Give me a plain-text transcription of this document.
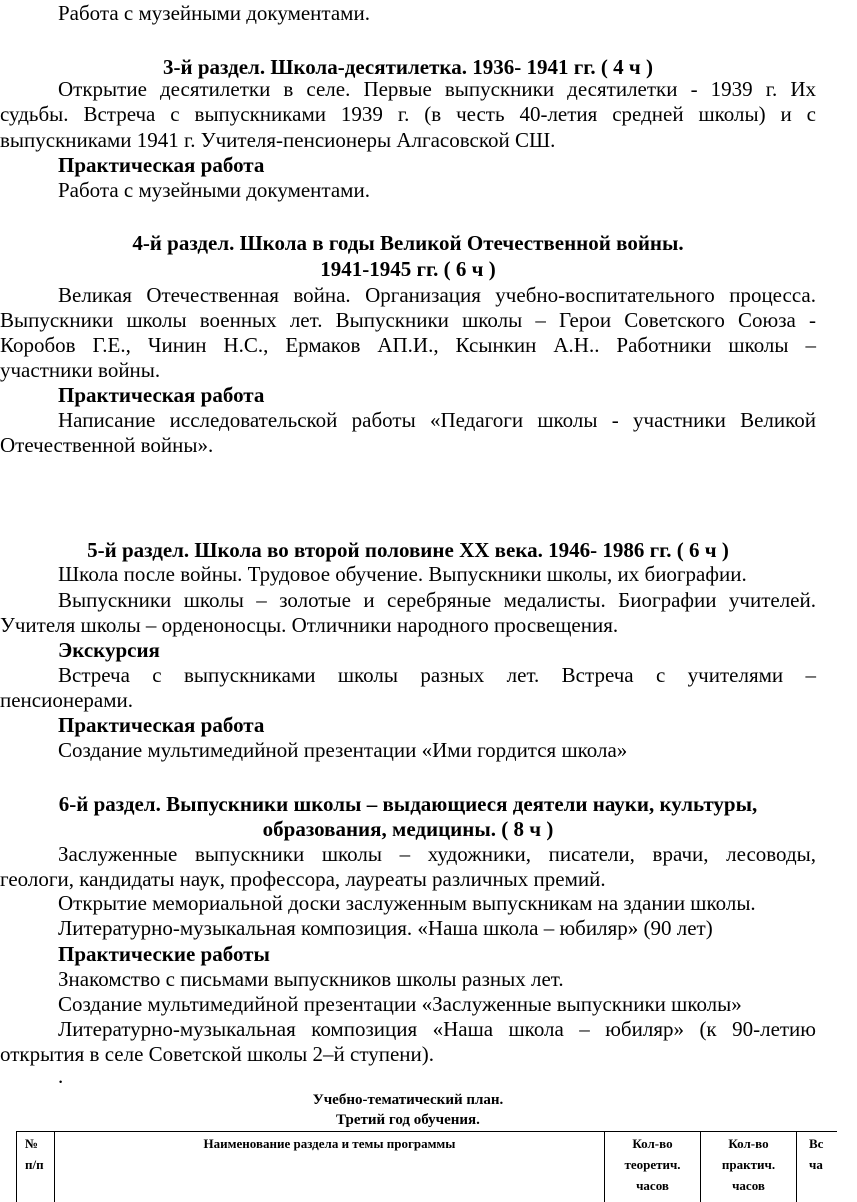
Работа с музейными документами.
3-й раздел. Школа-десятилетка. 1936- 1941 гг. ( 4 ч )
Открытие десятилетки в селе. Первые выпускники десятилетки - 1939 г. Их
судьбы. Встреча с выпускниками 1939 г. (в честь 40-летия средней школы) и с
выпускниками 1941 г. Учителя-пенсионеры Алгасовской СШ.
Практическая работа
Работа с музейными документами.
4-й раздел. Школа в годы Великой Отечественной войны.
1941-1945 гг. ( 6 ч )
Великая Отечественная война. Организация учебно-воспитательного процесса.
Выпускники школы военных лет. Выпускники школы – Герои Советского Союза -
Коробов Г.Е., Чинин Н.С., Ермаков АП.И., Ксынкин А.Н.. Работники школы –
участники войны.
Практическая работа
Написание исследовательской работы «Педагоги школы - участники Великой
Отечественной войны».
5-й раздел. Школа во второй половине XX века. 1946- 1986 гг. ( 6 ч )
Школа после войны. Трудовое обучение. Выпускники школы, их биографии.
Выпускники школы – золотые и серебряные медалисты. Биографии учителей.
Учителя школы – орденоносцы. Отличники народного просвещения.
Экскурсия
Встреча с выпускниками школы разных лет. Встреча с учителями –
пенсионерами.
Практическая работа
Создание мультимедийной презентации «Ими гордится школа»
6-й раздел. Выпускники школы – выдающиеся деятели науки, культуры,
образования, медицины. ( 8 ч )
Заслуженные выпускники школы – художники, писатели, врачи, лесоводы,
геологи, кандидаты наук, профессора, лауреаты различных премий.
Открытие мемориальной доски заслуженным выпускникам на здании школы.
Литературно-музыкальная композиция. «Наша школа – юбиляр» (90 лет)
Практические работы
Знакомство с письмами выпускников школы разных лет.
Создание мультимедийной презентации «Заслуженные выпускники школы»
Литературно-музыкальная композиция «Наша школа – юбиляр» (к 90-летию
открытия в селе Советской школы 2–й ступени).
.
Учебно-тематический план.
Третий год обучения.
№
п/п
Наименование раздела и темы программы	Кол-во
теоретич.
часов
Кол-во
практич.
часов
Вс
ча
